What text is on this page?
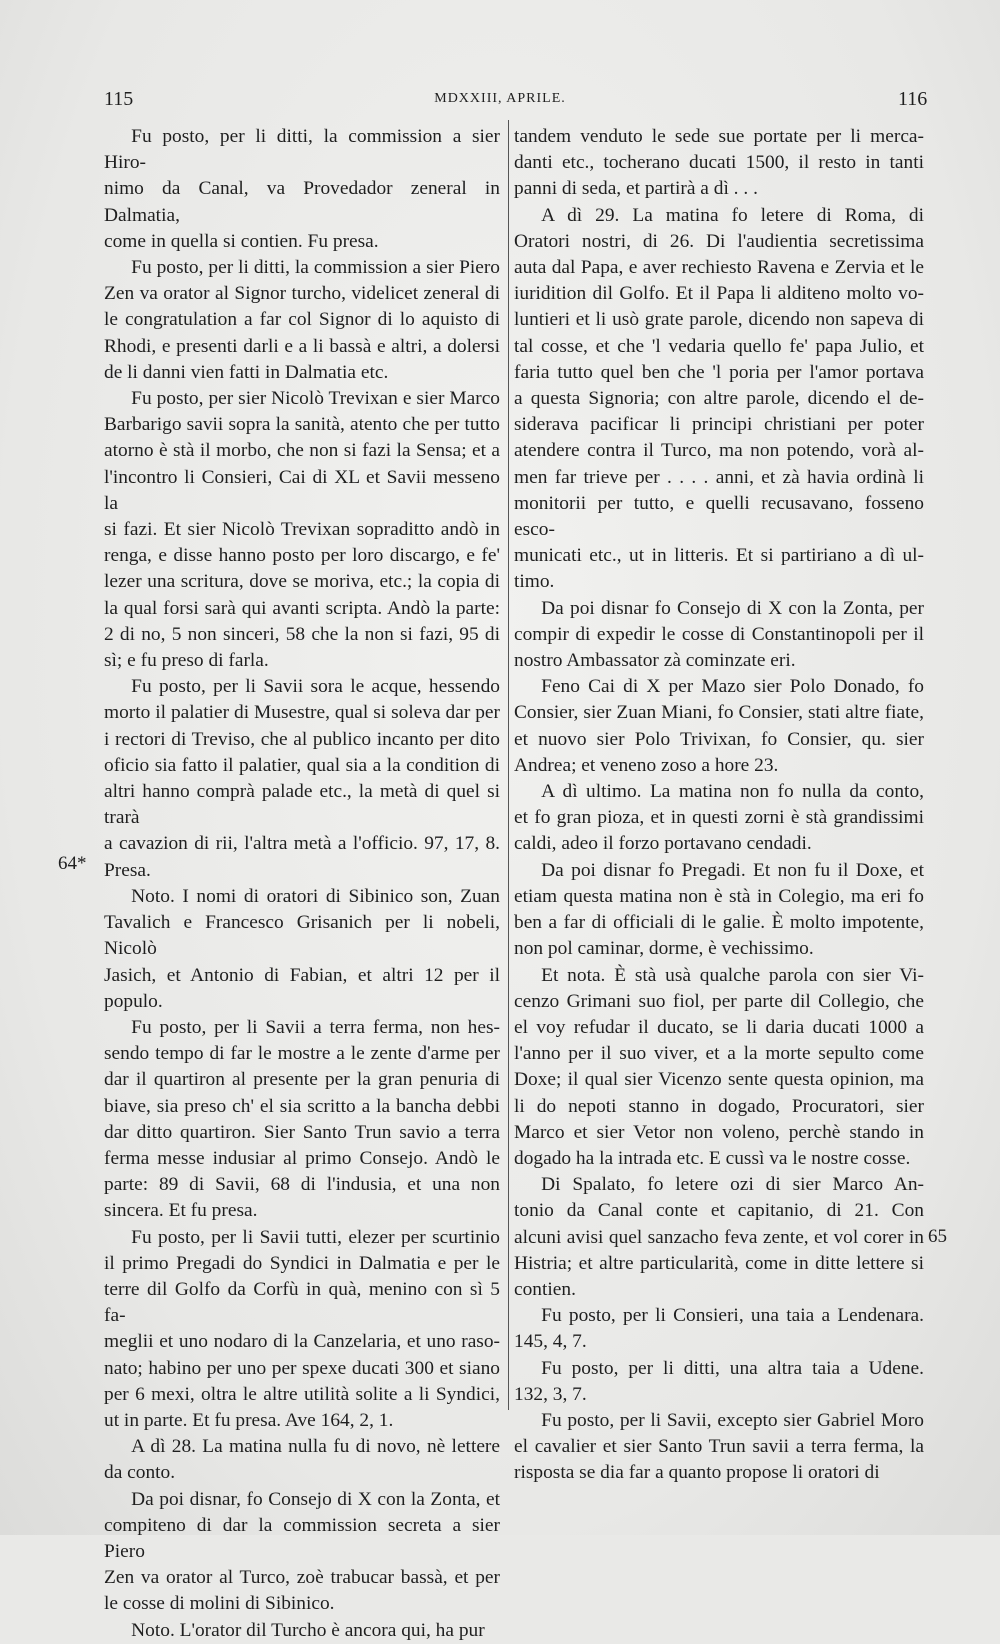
115	MDXXIII, APRILE.	116
64*
65

Fu posto, per li ditti, la commission a sier Hiro-
nimo da Canal, va Provedador zeneral in Dalmatia,
come in quella si contien. Fu presa.

Fu posto, per li ditti, la commission a sier Piero
Zen va orator al Signor turcho, videlicet zeneral di
le congratulation a far col Signor di lo aquisto di
Rhodi, e presenti darli e a li bassà e altri, a dolersi
de li danni vien fatti in Dalmatia etc.

Fu posto, per sier Nicolò Trevixan e sier Marco
Barbarigo savii sopra la sanità, atento che per tutto
atorno è stà il morbo, che non si fazi la Sensa; et a
l'incontro li Consieri, Cai di XL et Savii messeno la
si fazi. Et sier Nicolò Trevixan sopraditto andò in
renga, e disse hanno posto per loro discargo, e fe'
lezer una scritura, dove se moriva, etc.; la copia di
la qual forsi sarà qui avanti scripta. Andò la parte:
2 di no, 5 non sinceri, 58 che la non si fazi, 95 di
sì; e fu preso di farla.

Fu posto, per li Savii sora le acque, hessendo
morto il palatier di Musestre, qual si soleva dar per
i rectori di Treviso, che al publico incanto per dito
oficio sia fatto il palatier, qual sia a la condition di
altri hanno comprà palade etc., la metà di quel si trarà
a cavazion di rii, l'altra metà a l'officio. 97, 17, 8.
Presa.

Noto. I nomi di oratori di Sibinico son, Zuan
Tavalich e Francesco Grisanich per li nobeli, Nicolò
Jasich, et Antonio di Fabian, et altri 12 per il
populo.

Fu posto, per li Savii a terra ferma, non hes-
sendo tempo di far le mostre a le zente d'arme per
dar il quartiron al presente per la gran penuria di
biave, sia preso ch' el sia scritto a la bancha debbi
dar ditto quartiron. Sier Santo Trun savio a terra
ferma messe indusiar al primo Consejo. Andò le
parte: 89 di Savii, 68 di l'indusia, et una non
sincera. Et fu presa.

Fu posto, per li Savii tutti, elezer per scurtinio
il primo Pregadi do Syndici in Dalmatia e per le
terre dil Golfo da Corfù in quà, menino con sì 5 fa-
meglii et uno nodaro di la Canzelaria, et uno raso-
nato; habino per uno per spexe ducati 300 et siano
per 6 mexi, oltra le altre utilità solite a li Syndici,
ut in parte. Et fu presa. Ave 164, 2, 1.

A dì 28. La matina nulla fu di novo, nè lettere
da conto.

Da poi disnar, fo Consejo di X con la Zonta, et
compiteno di dar la commission secreta a sier Piero
Zen va orator al Turco, zoè trabucar bassà, et per
le cosse di molini di Sibinico.

Noto. L'orator dil Turcho è ancora qui, ha pur

tandem venduto le sede sue portate per li merca-
danti etc., tocherano ducati 1500, il resto in tanti
panni di seda, et partirà a dì . . .

A dì 29. La matina fo letere di Roma, di
Oratori nostri, di 26. Di l'audientia secretissima
auta dal Papa, e aver rechiesto Ravena e Zervia et le
iuridition dil Golfo. Et il Papa li alditeno molto vo-
luntieri et li usò grate parole, dicendo non sapeva di
tal cosse, et che 'l vedaria quello fe' papa Julio, et
faria tutto quel ben che 'l poria per l'amor portava
a questa Signoria; con altre parole, dicendo el de-
siderava pacificar li principi christiani per poter
atendere contra il Turco, ma non potendo, vorà al-
men far trieve per . . . . anni, et zà havia ordinà li
monitorii per tutto, e quelli recusavano, fosseno esco-
municati etc., ut in litteris. Et si partiriano a dì ul-
timo.

Da poi disnar fo Consejo di X con la Zonta, per
compir di expedir le cosse di Constantinopoli per il
nostro Ambassator zà cominzate eri.

Feno Cai di X per Mazo sier Polo Donado, fo
Consier, sier Zuan Miani, fo Consier, stati altre fiate,
et nuovo sier Polo Trivixan, fo Consier, qu. sier
Andrea; et veneno zoso a hore 23.

A dì ultimo. La matina non fo nulla da conto,
et fo gran pioza, et in questi zorni è stà grandissimi
caldi, adeo il forzo portavano cendadi.

Da poi disnar fo Pregadi. Et non fu il Doxe, et
etiam questa matina non è stà in Colegio, ma eri fo
ben a far di officiali di le galie. È molto impotente,
non pol caminar, dorme, è vechissimo.

Et nota. È stà usà qualche parola con sier Vi-
cenzo Grimani suo fiol, per parte dil Collegio, che
el voy refudar il ducato, se li daria ducati 1000 a
l'anno per il suo viver, et a la morte sepulto come
Doxe; il qual sier Vicenzo sente questa opinion, ma
li do nepoti stanno in dogado, Procuratori, sier
Marco et sier Vetor non voleno, perchè stando in
dogado ha la intrada etc. E cussì va le nostre cosse.

Di Spalato, fo letere ozi di sier Marco An-
tonio da Canal conte et capitanio, di 21. Con
alcuni avisi quel sanzacho feva zente, et vol corer in
Histria; et altre particularità, come in ditte lettere si
contien.

Fu posto, per li Consieri, una taia a Lendenara.
145, 4, 7.

Fu posto, per li ditti, una altra taia a Udene.
132, 3, 7.

Fu posto, per li Savii, excepto sier Gabriel Moro
el cavalier et sier Santo Trun savii a terra ferma, la
risposta se dia far a quanto propose li oratori di
